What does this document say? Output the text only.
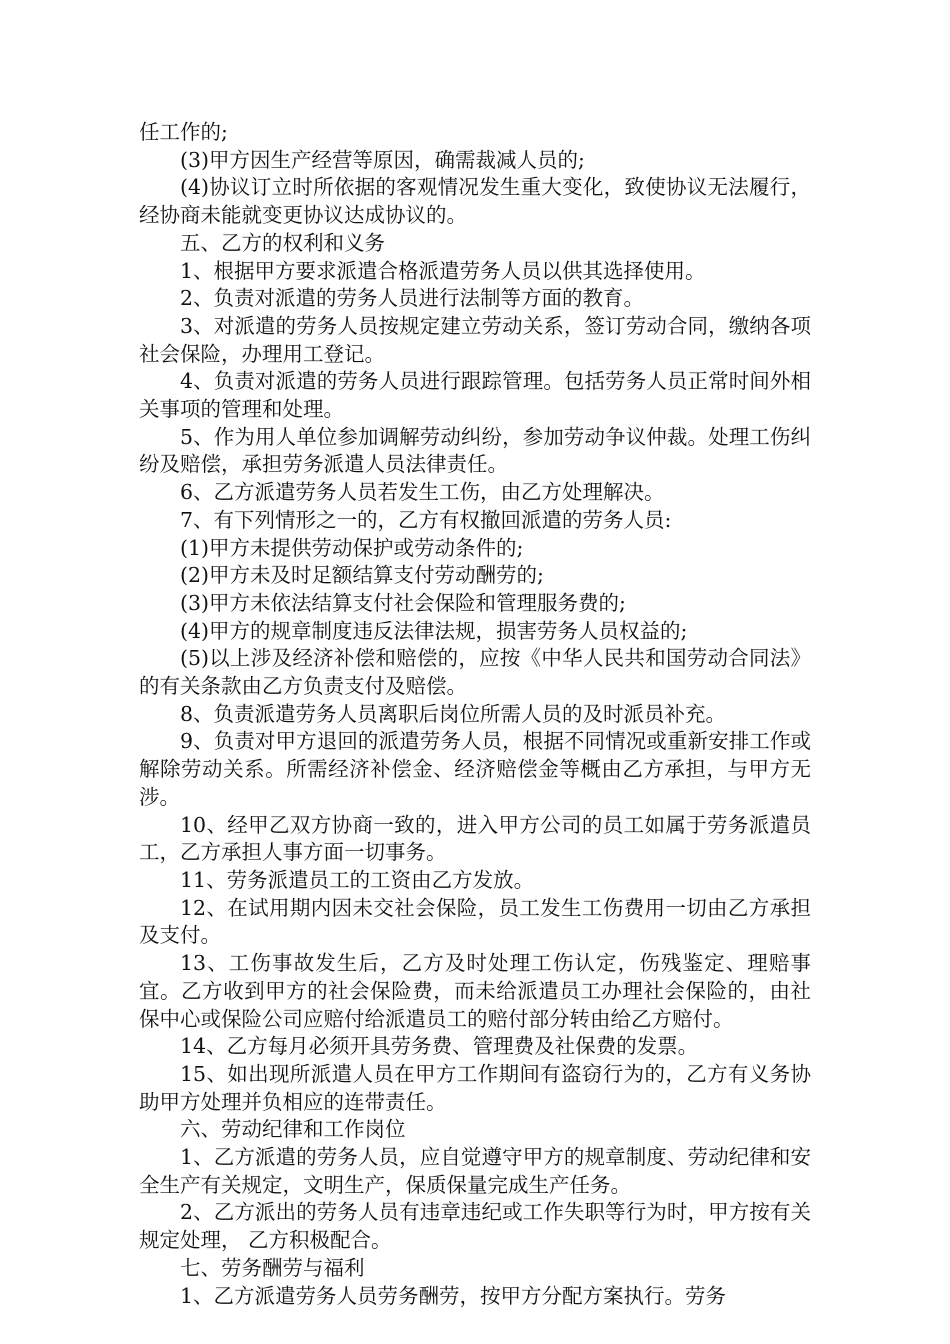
任工作的;

(3)甲方因生产经营等原因，确需裁减人员的;

(4)协议订立时所依据的客观情况发生重大变化，致使协议无法履行，经协商未能就变更协议达成协议的。

五、乙方的权利和义务

1、根据甲方要求派遣合格派遣劳务人员以供其选择使用。

2、负责对派遣的劳务人员进行法制等方面的教育。

3、对派遣的劳务人员按规定建立劳动关系，签订劳动合同，缴纳各项社会保险，办理用工登记。

4、负责对派遣的劳务人员进行跟踪管理。包括劳务人员正常时间外相关事项的管理和处理。

5、作为用人单位参加调解劳动纠纷，参加劳动争议仲裁。处理工伤纠纷及赔偿，承担劳务派遣人员法律责任。

6、乙方派遣劳务人员若发生工伤，由乙方处理解决。

7、有下列情形之一的，乙方有权撤回派遣的劳务人员:

(1)甲方未提供劳动保护或劳动条件的;

(2)甲方未及时足额结算支付劳动酬劳的;

(3)甲方未依法结算支付社会保险和管理服务费的;

(4)甲方的规章制度违反法律法规，损害劳务人员权益的;

(5)以上涉及经济补偿和赔偿的，应按《中华人民共和国劳动合同法》的有关条款由乙方负责支付及赔偿。

8、负责派遣劳务人员离职后岗位所需人员的及时派员补充。

9、负责对甲方退回的派遣劳务人员，根据不同情况或重新安排工作或解除劳动关系。所需经济补偿金、经济赔偿金等概由乙方承担，与甲方无涉。

10、经甲乙双方协商一致的，进入甲方公司的员工如属于劳务派遣员工，乙方承担人事方面一切事务。

11、劳务派遣员工的工资由乙方发放。

12、在试用期内因未交社会保险，员工发生工伤费用一切由乙方承担及支付。

13、工伤事故发生后，乙方及时处理工伤认定，伤残鉴定、理赔事宜。乙方收到甲方的社会保险费，而未给派遣员工办理社会保险的，由社保中心或保险公司应赔付给派遣员工的赔付部分转由给乙方赔付。

14、乙方每月必须开具劳务费、管理费及社保费的发票。

15、如出现所派遣人员在甲方工作期间有盗窃行为的，乙方有义务协助甲方处理并负相应的连带责任。

六、劳动纪律和工作岗位

1、乙方派遣的劳务人员，应自觉遵守甲方的规章制度、劳动纪律和安全生产有关规定，文明生产，保质保量完成生产任务。

2、乙方派出的劳务人员有违章违纪或工作失职等行为时，甲方按有关规定处理， 乙方积极配合。

七、劳务酬劳与福利

1、乙方派遣劳务人员劳务酬劳，按甲方分配方案执行。劳务
